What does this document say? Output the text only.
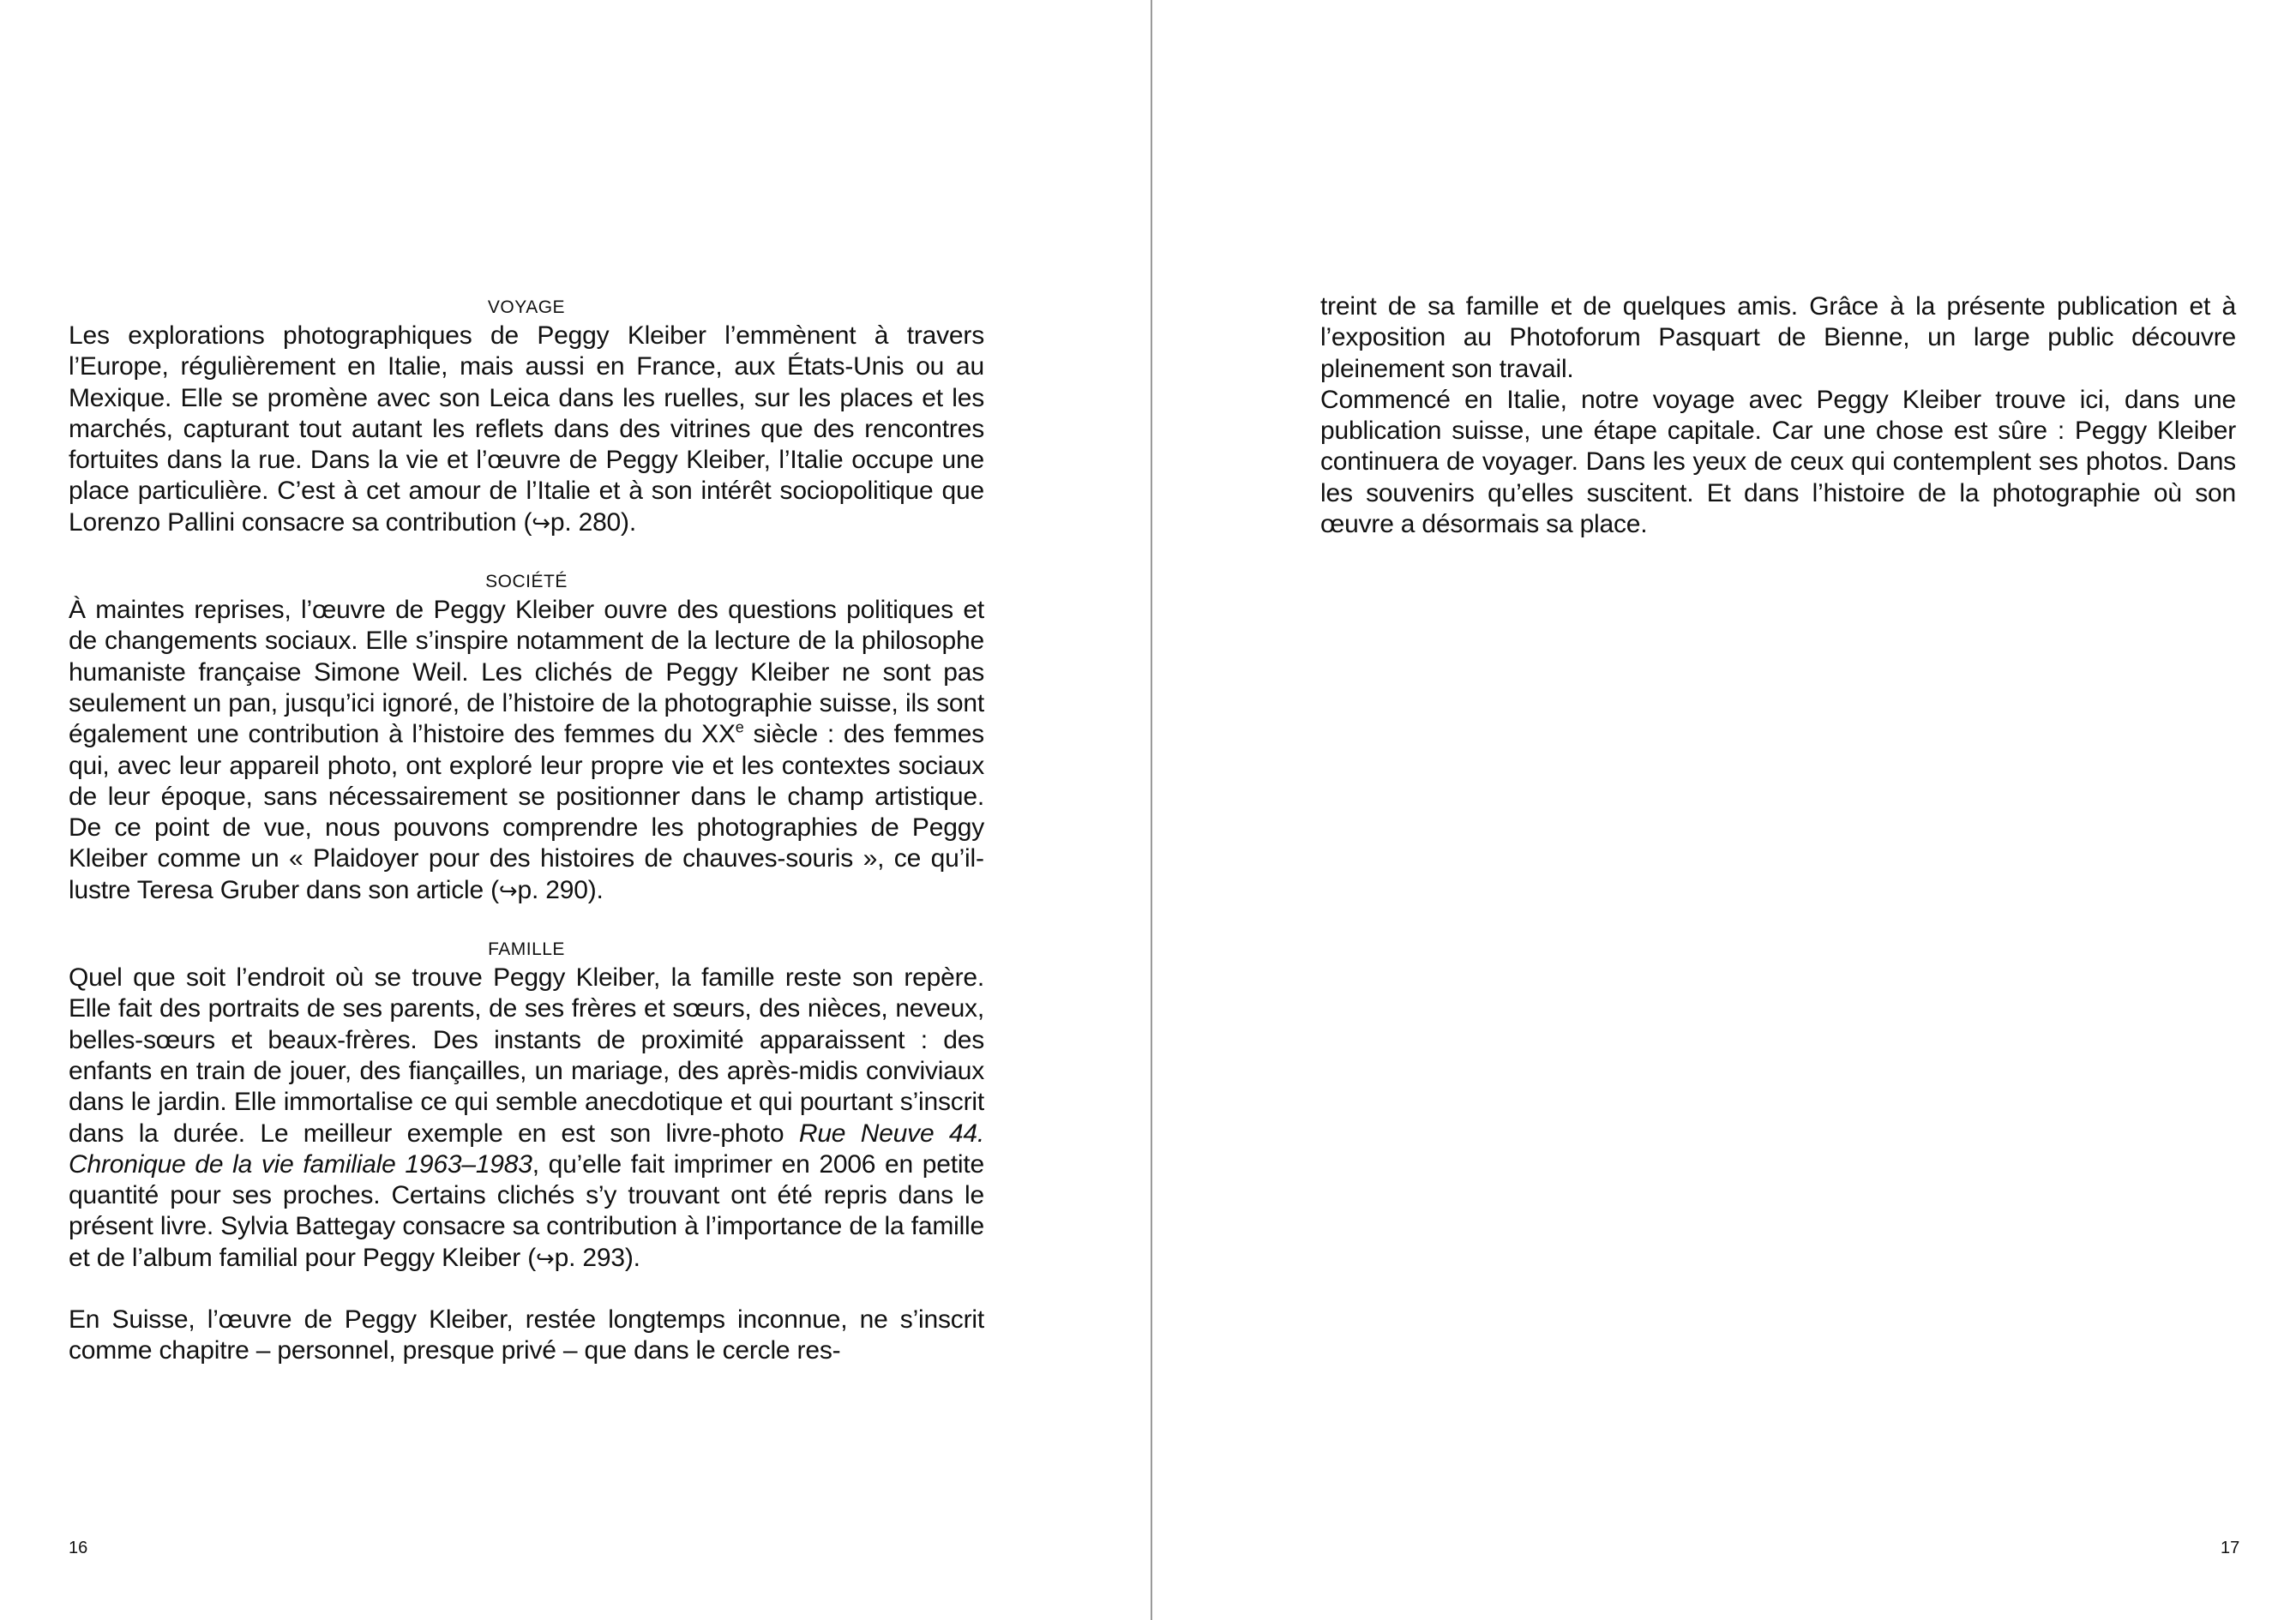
VOYAGE

Les explorations photographiques de Peggy Kleiber l’emmènent à travers l’Europe, régulièrement en Italie, mais aussi en France, aux États-Unis ou au Mexique. Elle se promène avec son Leica dans les ruelles, sur les places et les marchés, capturant tout autant les reflets dans des vitrines que des rencontres fortuites dans la rue. Dans la vie et l’œuvre de Peggy Kleiber, l’Italie occupe une place particulière. C’est à cet amour de l’Italie et à son intérêt sociopolitique que Lorenzo Pallini consacre sa contribution (↪p. 280).

SOCIÉTÉ

À maintes reprises, l’œuvre de Peggy Kleiber ouvre des questions politiques et de changements sociaux. Elle s’inspire notamment de la lecture de la philosophe humaniste française Simone Weil. Les clichés de Peggy Kleiber ne sont pas seulement un pan, jusqu’ici ignoré, de l’histoire de la photographie suisse, ils sont également une contribution à l’histoire des femmes du XXe siècle : des femmes qui, avec leur appareil photo, ont exploré leur propre vie et les contextes sociaux de leur époque, sans nécessairement se positionner dans le champ artistique. De ce point de vue, nous pouvons comprendre les photographies de Peggy Kleiber comme un « Plaidoyer pour des histoires de chauves-souris », ce qu’illustre Teresa Gruber dans son article (↪p. 290).

FAMILLE

Quel que soit l’endroit où se trouve Peggy Kleiber, la famille reste son repère. Elle fait des portraits de ses parents, de ses frères et sœurs, des nièces, neveux, belles-sœurs et beaux-frères. Des instants de proximité apparaissent : des enfants en train de jouer, des fiançailles, un mariage, des après-midis conviviaux dans le jardin. Elle immortalise ce qui semble anecdotique et qui pourtant s’inscrit dans la durée. Le meilleur exemple en est son livre-photo Rue Neuve 44. Chronique de la vie familiale 1963–1983, qu’elle fait imprimer en 2006 en petite quantité pour ses proches. Certains clichés s’y trouvant ont été repris dans le présent livre. Sylvia Battegay consacre sa contribution à l’importance de la famille et de l’album familial pour Peggy Kleiber (↪p. 293).

En Suisse, l’œuvre de Peggy Kleiber, restée longtemps inconnue, ne s’inscrit comme chapitre – personnel, presque privé – que dans le cercle res-

16

treint de sa famille et de quelques amis. Grâce à la présente publication et à l’exposition au Photoforum Pasquart de Bienne, un large public découvre pleinement son travail.

Commencé en Italie, notre voyage avec Peggy Kleiber trouve ici, dans une publication suisse, une étape capitale. Car une chose est sûre : Peggy Kleiber continuera de voyager. Dans les yeux de ceux qui contemplent ses photos. Dans les souvenirs qu’elles suscitent. Et dans l’histoire de la photographie où son œuvre a désormais sa place.

17
